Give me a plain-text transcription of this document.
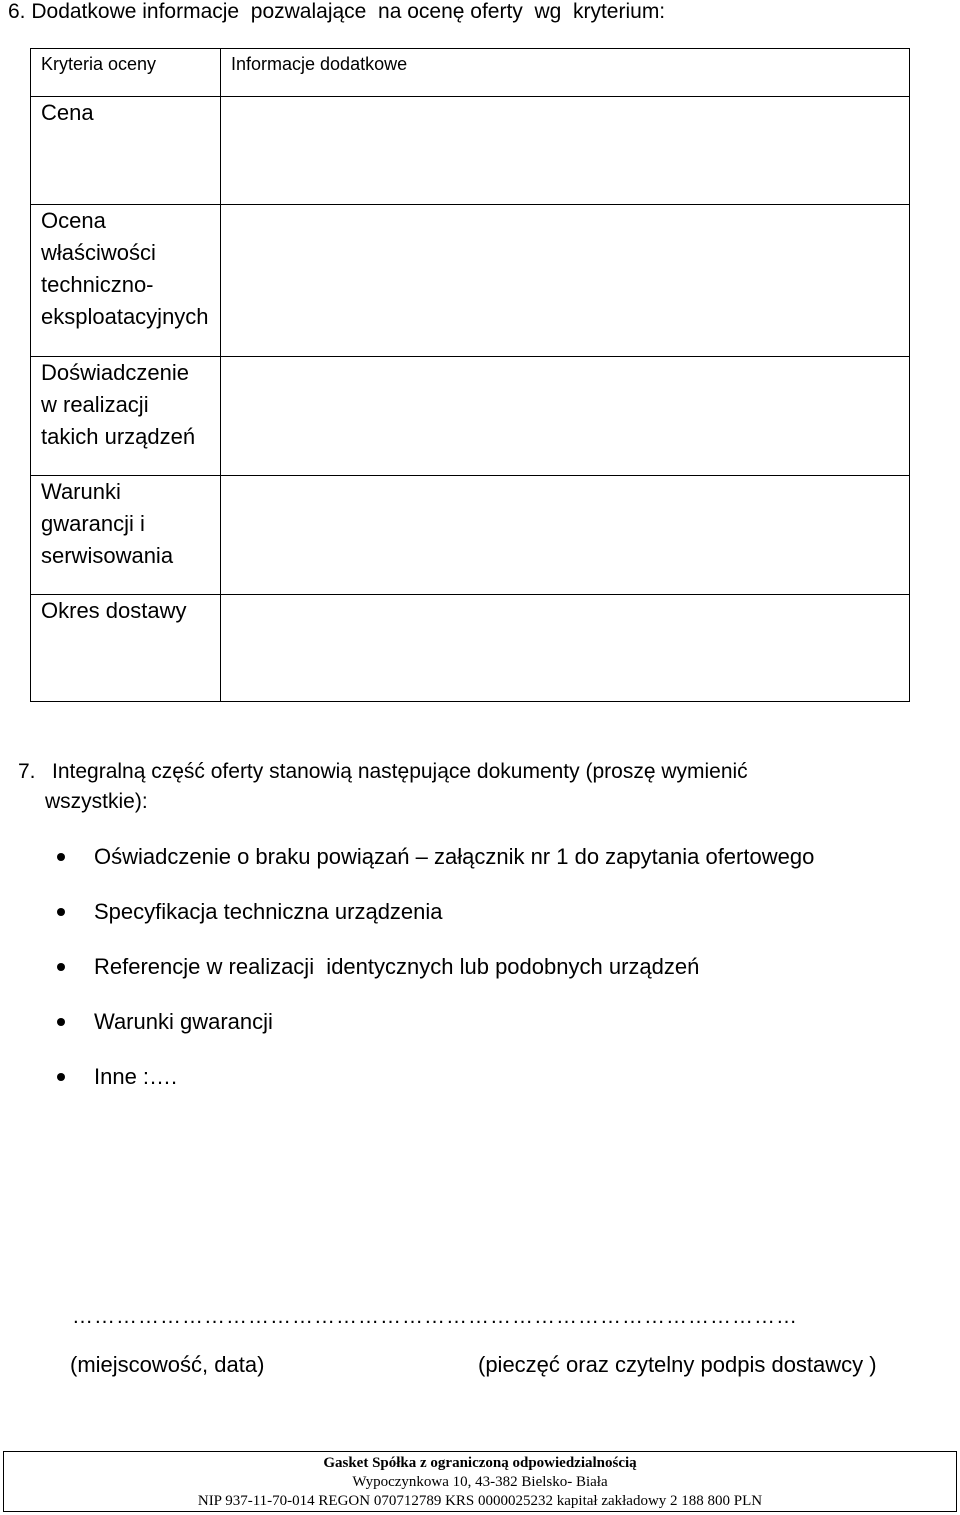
6. Dodatkowe informacje  pozwalające  na ocenę oferty  wg  kryterium:
Kryteria oceny	Informacje dodatkowe
Cena	
Ocena właściwości techniczno-eksploatacyjnych	
Doświadczenie w realizacji takich urządzeń	
Warunki gwarancji i serwisowania	
Okres dostawy	
7. Integralną część oferty stanowią następujące dokumenty (proszę wymienić
wszystkie):
Oświadczenie o braku powiązań – załącznik nr 1 do zapytania ofertowego
Specyfikacja techniczna urządzenia
Referencje w realizacji  identycznych lub podobnych urządzeń
Warunki gwarancji
Inne :….
………………………………………………………………………………………
(miejscowość, data)	(pieczęć oraz czytelny podpis dostawcy )
Gasket Spółka z ograniczoną odpowiedzialnością
Wypoczynkowa 10, 43-382 Bielsko- Biała
NIP 937-11-70-014 REGON 070712789 KRS 0000025232 kapitał zakładowy 2 188 800 PLN
